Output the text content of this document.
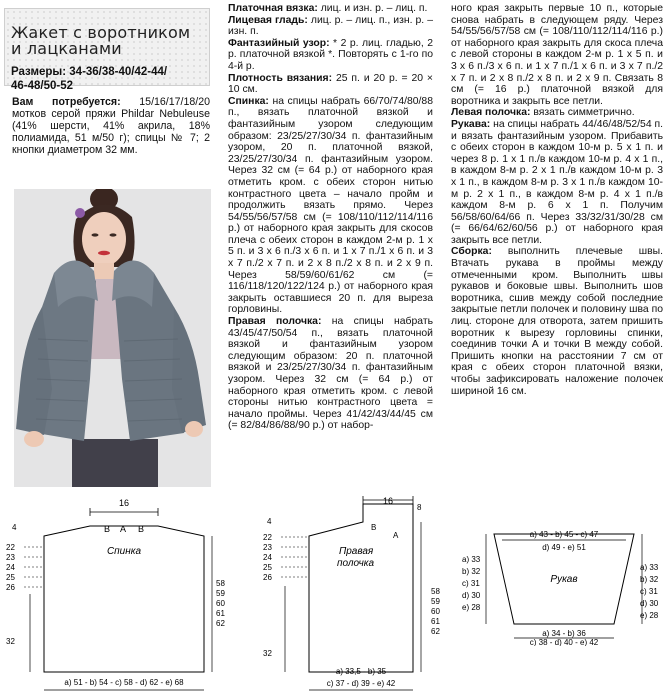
Жакет с воротником
и лацканами
Размеры: 34-36/38-40/42-44/
46-48/50-52

Вам потребуется: 15/16/17/18/20 мотков серой пряжи Phildar Nebuleuse (41% шерсти, 41% акрила, 18% полиамида, 51 м/50 г); спицы № 7; 2 кнопки диаметром 32 мм.

Платочная вязка: лиц. и изн. р. – лиц. п.

Лицевая гладь: лиц. р. – лиц. п., изн. р. – изн. п.

Фантазийный узор: * 2 р. лиц. гладью, 2 р. платочной вязкой *. Повторять с 1-го по 4-й р.

Плотность вязания: 25 п. и 20 р. = 20 × 10 см.

Спинка: на спицы набрать 66/70/74/80/88 п., вязать платочной вязкой и фантазийным узором следующим образом: 23/25/27/30/34 п. фантазийным узором, 20 п. платочной вязкой, 23/25/27/30/34 п. фантазийным узором. Через 32 см (= 64 р.) от наборного края отметить кром. с обеих сторон нитью контрастного цвета – начало пройм и продолжить вязать прямо. Через 54/55/56/57/58 см (= 108/110/112/114/116 р.) от наборного края закрыть для скосов плеча с обеих сторон в каждом 2-м р. 1 х 5 п. и 3 х 6 п./3 х 6 п. и 1 х 7 п./1 х 6 п. и 3 х 7 п./2 х 7 п. и 2 х 8 п./2 х 8 п. и 2 х 9 п. Через 58/59/60/61/62 см (= 116/118/120/122/124 р.) от наборного края закрыть оставшиеся 20 п. для выреза горловины.

Правая полочка: на спицы набрать 43/45/47/50/54 п., вязать платочной вязкой и фантазийным узором следующим образом: 20 п. платочной вязкой и 23/25/27/30/34 п. фантазийным узором. Через 32 см (= 64 р.) от наборного края отметить кром. с левой стороны нитью контрастного цвета = начало проймы. Через 41/42/43/44/45 см (= 82/84/86/88/90 р.) от набор-

ного края закрыть первые 10 п., которые снова набрать в следующем ряду. Через 54/55/56/57/58 см (= 108/110/112/114/116 р.) от наборного края закрыть для скоса плеча с левой стороны в каждом 2-м р. 1 х 5 п. и 3 х 6 п./3 х 6 п. и 1 х 7 п./1 х 6 п. и 3 х 7 п./2 х 7 п. и 2 х 8 п./2 х 8 п. и 2 х 9 п. Связать 8 см (= 16 р.) платочной вязкой для воротника и закрыть все петли.

Левая полочка: вязать симметрично.

Рукава: на спицы набрать 44/46/48/52/54 п. и вязать фантазийным узором. Прибавить с обеих сторон в каждом 10-м р. 5 х 1 п. и через 8 р. 1 х 1 п./в каждом 10-м р. 4 х 1 п., в каждом 8-м р. 2 х 1 п./в каждом 10-м р. 3 х 1 п., в каждом 8-м р. 3 х 1 п./в каждом 10-м р. 2 х 1 п., в каждом 8-м р. 4 х 1 п./в каждом 8-м р. 6 х 1 п. Получим 56/58/60/64/66 п. Через 33/32/31/30/28 см (= 66/64/62/60/56 р.) от наборного края закрыть все петли.

Сборка: выполнить плечевые швы. Втачать рукава в проймы между отмеченными кром. Выполнить швы рукавов и боковые швы. Выполнить шов воротника, сшив между собой последние закрытые петли полочек и половину шва по лиц. стороне для отворота, затем пришить воротник к вырезу горловины спинки, соединив точки А и точки В между собой. Пришить кнопки на расстоянии 7 см от края с обеих сторон платочной вязки, чтобы зафиксировать наложение полочек шириной 16 см.

16
B A B
Спинка
4
22
23
24
25
26
32
58
59
60
61
62
a) 51 - b) 54 - c) 58 - d) 62 - e) 68
16
8
B
A
Правая
полочка
4
22
23
24
25
26
32
58
59
60
61
62
a) 33,5 - b) 35
c) 37 - d) 39 - e) 42
a) 43 - b) 45 - c) 47
d) 49 - e) 51
Рукав
a) 33
b) 32
c) 31
d) 30
e) 28
a) 33
b) 32
c) 31
d) 30
e) 28
a) 34 - b) 36
c) 38 - d) 40 - e) 42
